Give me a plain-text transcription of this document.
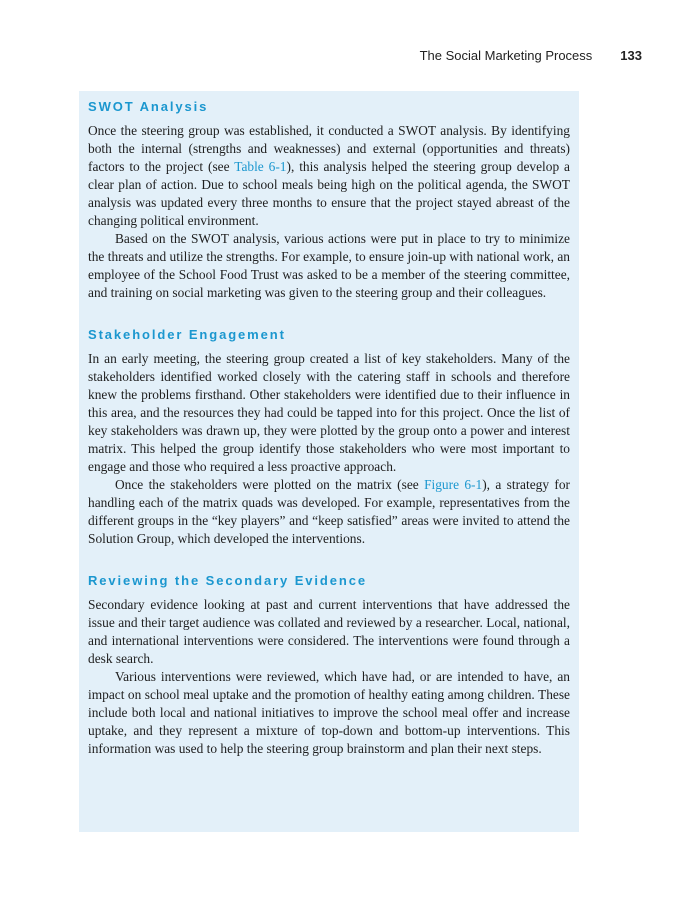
The Social Marketing Process 133
SWOT Analysis

Once the steering group was established, it conducted a SWOT analysis. By identifying both the internal (strengths and weaknesses) and external (opportunities and threats) factors to the project (see Table 6-1), this analysis helped the steering group develop a clear plan of action. Due to school meals being high on the political agenda, the SWOT analysis was updated every three months to ensure that the project stayed abreast of the changing political environment.

Based on the SWOT analysis, various actions were put in place to try to minimize the threats and utilize the strengths. For example, to ensure join-up with national work, an employee of the School Food Trust was asked to be a member of the steering committee, and training on social marketing was given to the steering group and their colleagues.

Stakeholder Engagement

In an early meeting, the steering group created a list of key stakeholders. Many of the stakeholders identified worked closely with the catering staff in schools and therefore knew the problems firsthand. Other stakeholders were identified due to their influence in this area, and the resources they had could be tapped into for this project. Once the list of key stakeholders was drawn up, they were plotted by the group onto a power and interest matrix. This helped the group identify those stakeholders who were most important to engage and those who required a less proactive approach.

Once the stakeholders were plotted on the matrix (see Figure 6-1), a strategy for handling each of the matrix quads was developed. For example, representatives from the different groups in the “key players” and “keep satisfied” areas were invited to attend the Solution Group, which developed the interventions.

Reviewing the Secondary Evidence

Secondary evidence looking at past and current interventions that have addressed the issue and their target audience was collated and reviewed by a researcher. Local, national, and international interventions were considered. The interventions were found through a desk search.

Various interventions were reviewed, which have had, or are intended to have, an impact on school meal uptake and the promotion of healthy eating among children. These include both local and national initiatives to improve the school meal offer and increase uptake, and they represent a mixture of top-down and bottom-up interventions. This information was used to help the steering group brainstorm and plan their next steps.
